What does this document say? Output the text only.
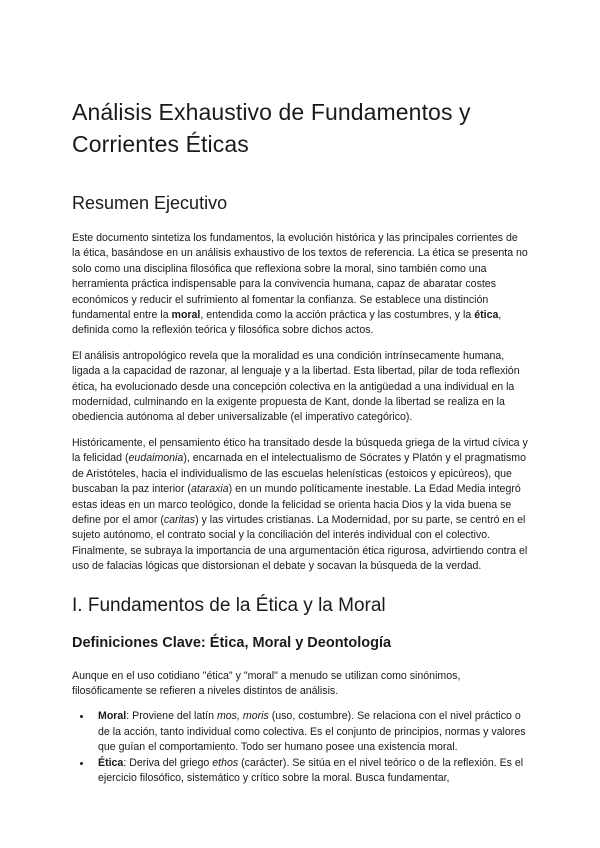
Análisis Exhaustivo de Fundamentos y Corrientes Éticas
Resumen Ejecutivo

Este documento sintetiza los fundamentos, la evolución histórica y las principales corrientes de la ética, basándose en un análisis exhaustivo de los textos de referencia. La ética se presenta no solo como una disciplina filosófica que reflexiona sobre la moral, sino también como una herramienta práctica indispensable para la convivencia humana, capaz de abaratar costes económicos y reducir el sufrimiento al fomentar la confianza. Se establece una distinción fundamental entre la moral, entendida como la acción práctica y las costumbres, y la ética, definida como la reflexión teórica y filosófica sobre dichos actos.

El análisis antropológico revela que la moralidad es una condición intrínsecamente humana, ligada a la capacidad de razonar, al lenguaje y a la libertad. Esta libertad, pilar de toda reflexión ética, ha evolucionado desde una concepción colectiva en la antigüedad a una individual en la modernidad, culminando en la exigente propuesta de Kant, donde la libertad se realiza en la obediencia autónoma al deber universalizable (el imperativo categórico).

Históricamente, el pensamiento ético ha transitado desde la búsqueda griega de la virtud cívica y la felicidad (eudaimonia), encarnada en el intelectualismo de Sócrates y Platón y el pragmatismo de Aristóteles, hacia el individualismo de las escuelas helenísticas (estoicos y epicúreos), que buscaban la paz interior (ataraxia) en un mundo políticamente inestable. La Edad Media integró estas ideas en un marco teológico, donde la felicidad se orienta hacia Dios y la vida buena se define por el amor (caritas) y las virtudes cristianas. La Modernidad, por su parte, se centró en el sujeto autónomo, el contrato social y la conciliación del interés individual con el colectivo. Finalmente, se subraya la importancia de una argumentación ética rigurosa, advirtiendo contra el uso de falacias lógicas que distorsionan el debate y socavan la búsqueda de la verdad.

I. Fundamentos de la Ética y la Moral
Definiciones Clave: Ética, Moral y Deontología

Aunque en el uso cotidiano "ética" y "moral" a menudo se utilizan como sinónimos, filosóficamente se refieren a niveles distintos de análisis.

• Moral: Proviene del latín mos, moris (uso, costumbre). Se relaciona con el nivel práctico o de la acción, tanto individual como colectiva. Es el conjunto de principios, normas y valores que guían el comportamiento. Todo ser humano posee una existencia moral.
• Ética: Deriva del griego ethos (carácter). Se sitúa en el nivel teórico o de la reflexión. Es el ejercicio filosófico, sistemático y crítico sobre la moral. Busca fundamentar,
